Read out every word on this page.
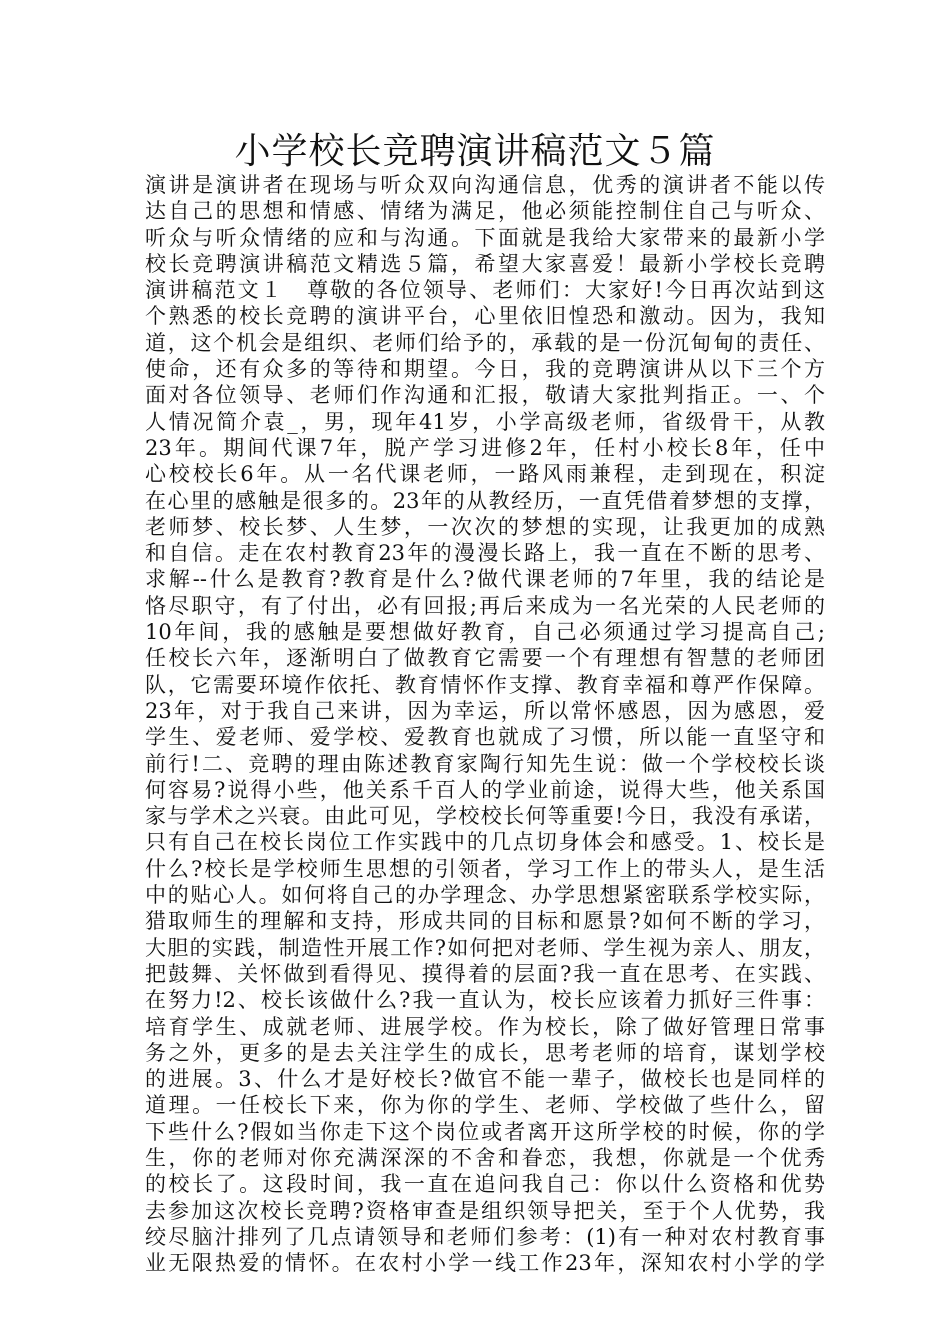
小学校长竞聘演讲稿范文５篇
演讲是演讲者在现场与听众双向沟通信息，优秀的演讲者不能以传
达自己的思想和情感、情绪为满足，他必须能控制住自己与听众、
听众与听众情绪的应和与沟通。下面就是我给大家带来的最新小学
校长竞聘演讲稿范文精选５篇，希望大家喜爱！最新小学校长竞聘
演讲稿范文１　尊敬的各位领导、老师们：大家好!今日再次站到这
个熟悉的校长竞聘的演讲平台，心里依旧惶恐和激动。因为，我知
道，这个机会是组织、老师们给予的，承载的是一份沉甸甸的责任、
使命，还有众多的等待和期望。今日，我的竞聘演讲从以下三个方
面对各位领导、老师们作沟通和汇报，敬请大家批判指正。一、个
人情况简介袁_，男，现年41岁，小学高级老师，省级骨干，从教
23年。期间代课7年，脱产学习进修2年，任村小校长8年，任中
心校校长6年。从一名代课老师，一路风雨兼程，走到现在，积淀
在心里的感触是很多的。23年的从教经历，一直凭借着梦想的支撑，
老师梦、校长梦、人生梦，一次次的梦想的实现，让我更加的成熟
和自信。走在农村教育23年的漫漫长路上，我一直在不断的思考、
求解--什么是教育?教育是什么?做代课老师的7年里，我的结论是
恪尽职守，有了付出，必有回报;再后来成为一名光荣的人民老师的
10年间，我的感触是要想做好教育，自己必须通过学习提高自己;
任校长六年，逐渐明白了做教育它需要一个有理想有智慧的老师团
队，它需要环境作依托、教育情怀作支撑、教育幸福和尊严作保障。
23年，对于我自己来讲，因为幸运，所以常怀感恩，因为感恩，爱
学生、爱老师、爱学校、爱教育也就成了习惯，所以能一直坚守和
前行!二、竞聘的理由陈述教育家陶行知先生说：做一个学校校长谈
何容易?说得小些，他关系千百人的学业前途，说得大些，他关系国
家与学术之兴衰。由此可见，学校校长何等重要!今日，我没有承诺，
只有自己在校长岗位工作实践中的几点切身体会和感受。1、校长是
什么?校长是学校师生思想的引领者，学习工作上的带头人，是生活
中的贴心人。如何将自己的办学理念、办学思想紧密联系学校实际，
猎取师生的理解和支持，形成共同的目标和愿景?如何不断的学习，
大胆的实践，制造性开展工作?如何把对老师、学生视为亲人、朋友，
把鼓舞、关怀做到看得见、摸得着的层面?我一直在思考、在实践、
在努力!2、校长该做什么?我一直认为，校长应该着力抓好三件事：
培育学生、成就老师、进展学校。作为校长，除了做好管理日常事
务之外，更多的是去关注学生的成长，思考老师的培育，谋划学校
的进展。3、什么才是好校长?做官不能一辈子，做校长也是同样的
道理。一任校长下来，你为你的学生、老师、学校做了些什么，留
下些什么?假如当你走下这个岗位或者离开这所学校的时候，你的学
生，你的老师对你充满深深的不舍和眷恋，我想，你就是一个优秀
的校长了。这段时间，我一直在追问我自己：你以什么资格和优势
去参加这次校长竞聘?资格审查是组织领导把关，至于个人优势，我
绞尽脑汁排列了几点请领导和老师们参考：(1)有一种对农村教育事
业无限热爱的情怀。在农村小学一线工作23年，深知农村小学的学
